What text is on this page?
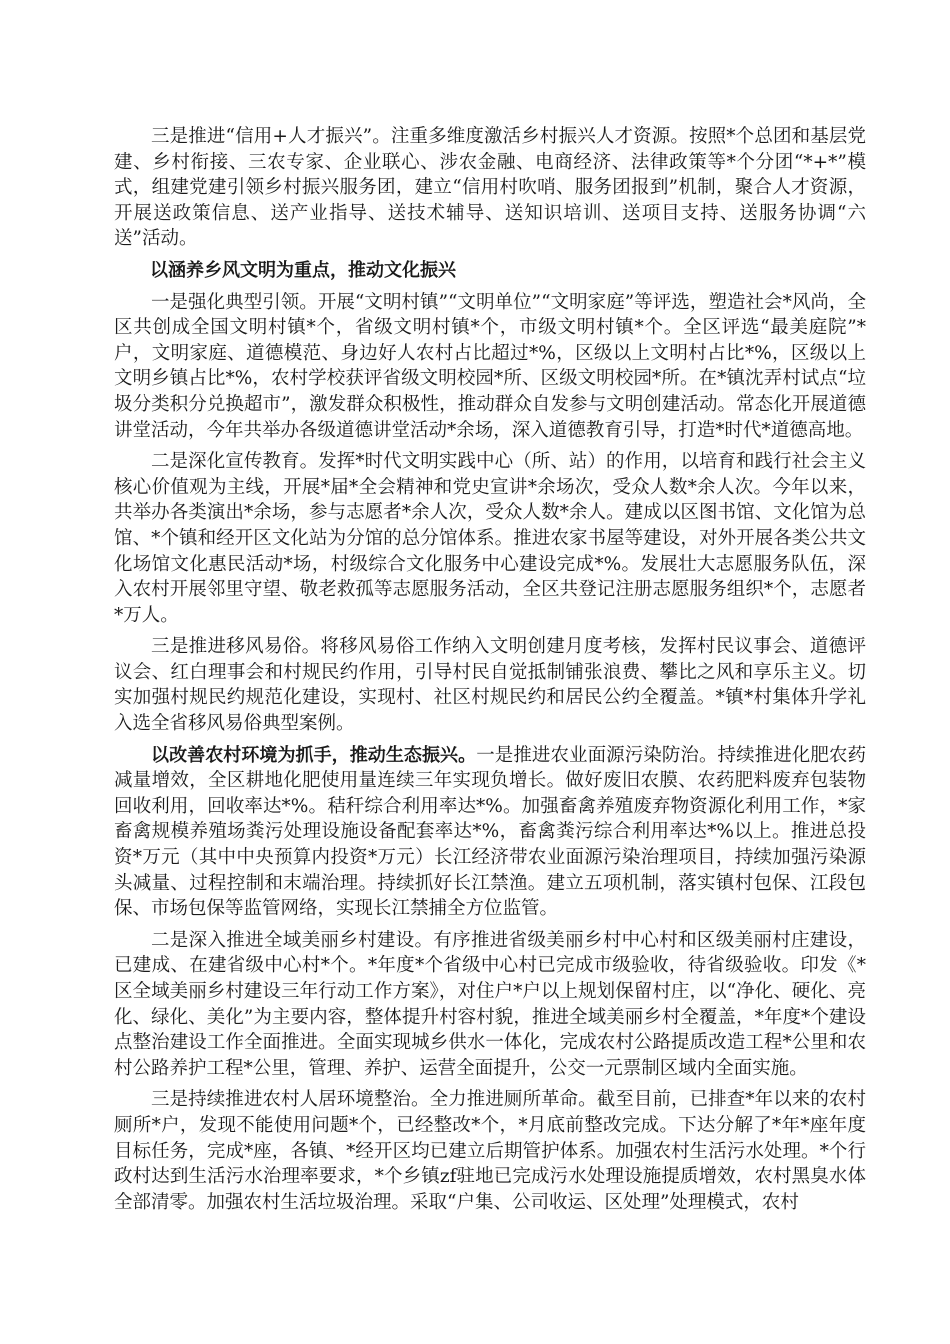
三是推进“信用+人才振兴”。注重多维度激活乡村振兴人才资源。按照*个总团和基层党建、乡村衔接、三农专家、企业联心、涉农金融、电商经济、法律政策等*个分团“*+*”模式，组建党建引领乡村振兴服务团，建立“信用村吹哨、服务团报到”机制，聚合人才资源，开展送政策信息、送产业指导、送技术辅导、送知识培训、送项目支持、送服务协调“六送”活动。

以涵养乡风文明为重点，推动文化振兴

一是强化典型引领。开展“文明村镇”“文明单位”“文明家庭”等评选，塑造社会*风尚，全区共创成全国文明村镇*个，省级文明村镇*个，市级文明村镇*个。全区评选“最美庭院”*户，文明家庭、道德模范、身边好人农村占比超过*%，区级以上文明村占比*%，区级以上文明乡镇占比*%，农村学校获评省级文明校园*所、区级文明校园*所。在*镇沈弄村试点“垃圾分类积分兑换超市”，激发群众积极性，推动群众自发参与文明创建活动。常态化开展道德讲堂活动，今年共举办各级道德讲堂活动*余场，深入道德教育引导，打造*时代*道德高地。

二是深化宣传教育。发挥*时代文明实践中心（所、站）的作用，以培育和践行社会主义核心价值观为主线，开展*届*全会精神和党史宣讲*余场次，受众人数*余人次。今年以来，共举办各类演出*余场，参与志愿者*余人次，受众人数*余人。建成以区图书馆、文化馆为总馆、*个镇和经开区文化站为分馆的总分馆体系。推进农家书屋等建设，对外开展各类公共文化场馆文化惠民活动*场，村级综合文化服务中心建设完成*%。发展壮大志愿服务队伍，深入农村开展邻里守望、敬老救孤等志愿服务活动，全区共登记注册志愿服务组织*个，志愿者*万人。

三是推进移风易俗。将移风易俗工作纳入文明创建月度考核，发挥村民议事会、道德评议会、红白理事会和村规民约作用，引导村民自觉抵制铺张浪费、攀比之风和享乐主义。切实加强村规民约规范化建设，实现村、社区村规民约和居民公约全覆盖。*镇*村集体升学礼入选全省移风易俗典型案例。

以改善农村环境为抓手，推动生态振兴。一是推进农业面源污染防治。持续推进化肥农药减量增效，全区耕地化肥使用量连续三年实现负增长。做好废旧农膜、农药肥料废弃包装物回收利用，回收率达*%。秸秆综合利用率达*%。加强畜禽养殖废弃物资源化利用工作，*家畜禽规模养殖场粪污处理设施设备配套率达*%，畜禽粪污综合利用率达*%以上。推进总投资*万元（其中中央预算内投资*万元）长江经济带农业面源污染治理项目，持续加强污染源头减量、过程控制和末端治理。持续抓好长江禁渔。建立五项机制，落实镇村包保、江段包保、市场包保等监管网络，实现长江禁捕全方位监管。

二是深入推进全域美丽乡村建设。有序推进省级美丽乡村中心村和区级美丽村庄建设，已建成、在建省级中心村*个。*年度*个省级中心村已完成市级验收，待省级验收。印发《*区全域美丽乡村建设三年行动工作方案》，对住户*户以上规划保留村庄，以“净化、硬化、亮化、绿化、美化”为主要内容，整体提升村容村貌，推进全域美丽乡村全覆盖，*年度*个建设点整治建设工作全面推进。全面实现城乡供水一体化，完成农村公路提质改造工程*公里和农村公路养护工程*公里，管理、养护、运营全面提升，公交一元票制区域内全面实施。

三是持续推进农村人居环境整治。全力推进厕所革命。截至目前，已排查*年以来的农村厕所*户，发现不能使用问题*个，已经整改*个，*月底前整改完成。下达分解了*年*座年度目标任务，完成*座，各镇、*经开区均已建立后期管护体系。加强农村生活污水处理。*个行政村达到生活污水治理率要求，*个乡镇zf驻地已完成污水处理设施提质增效，农村黑臭水体全部清零。加强农村生活垃圾治理。采取“户集、公司收运、区处理”处理模式，农村
